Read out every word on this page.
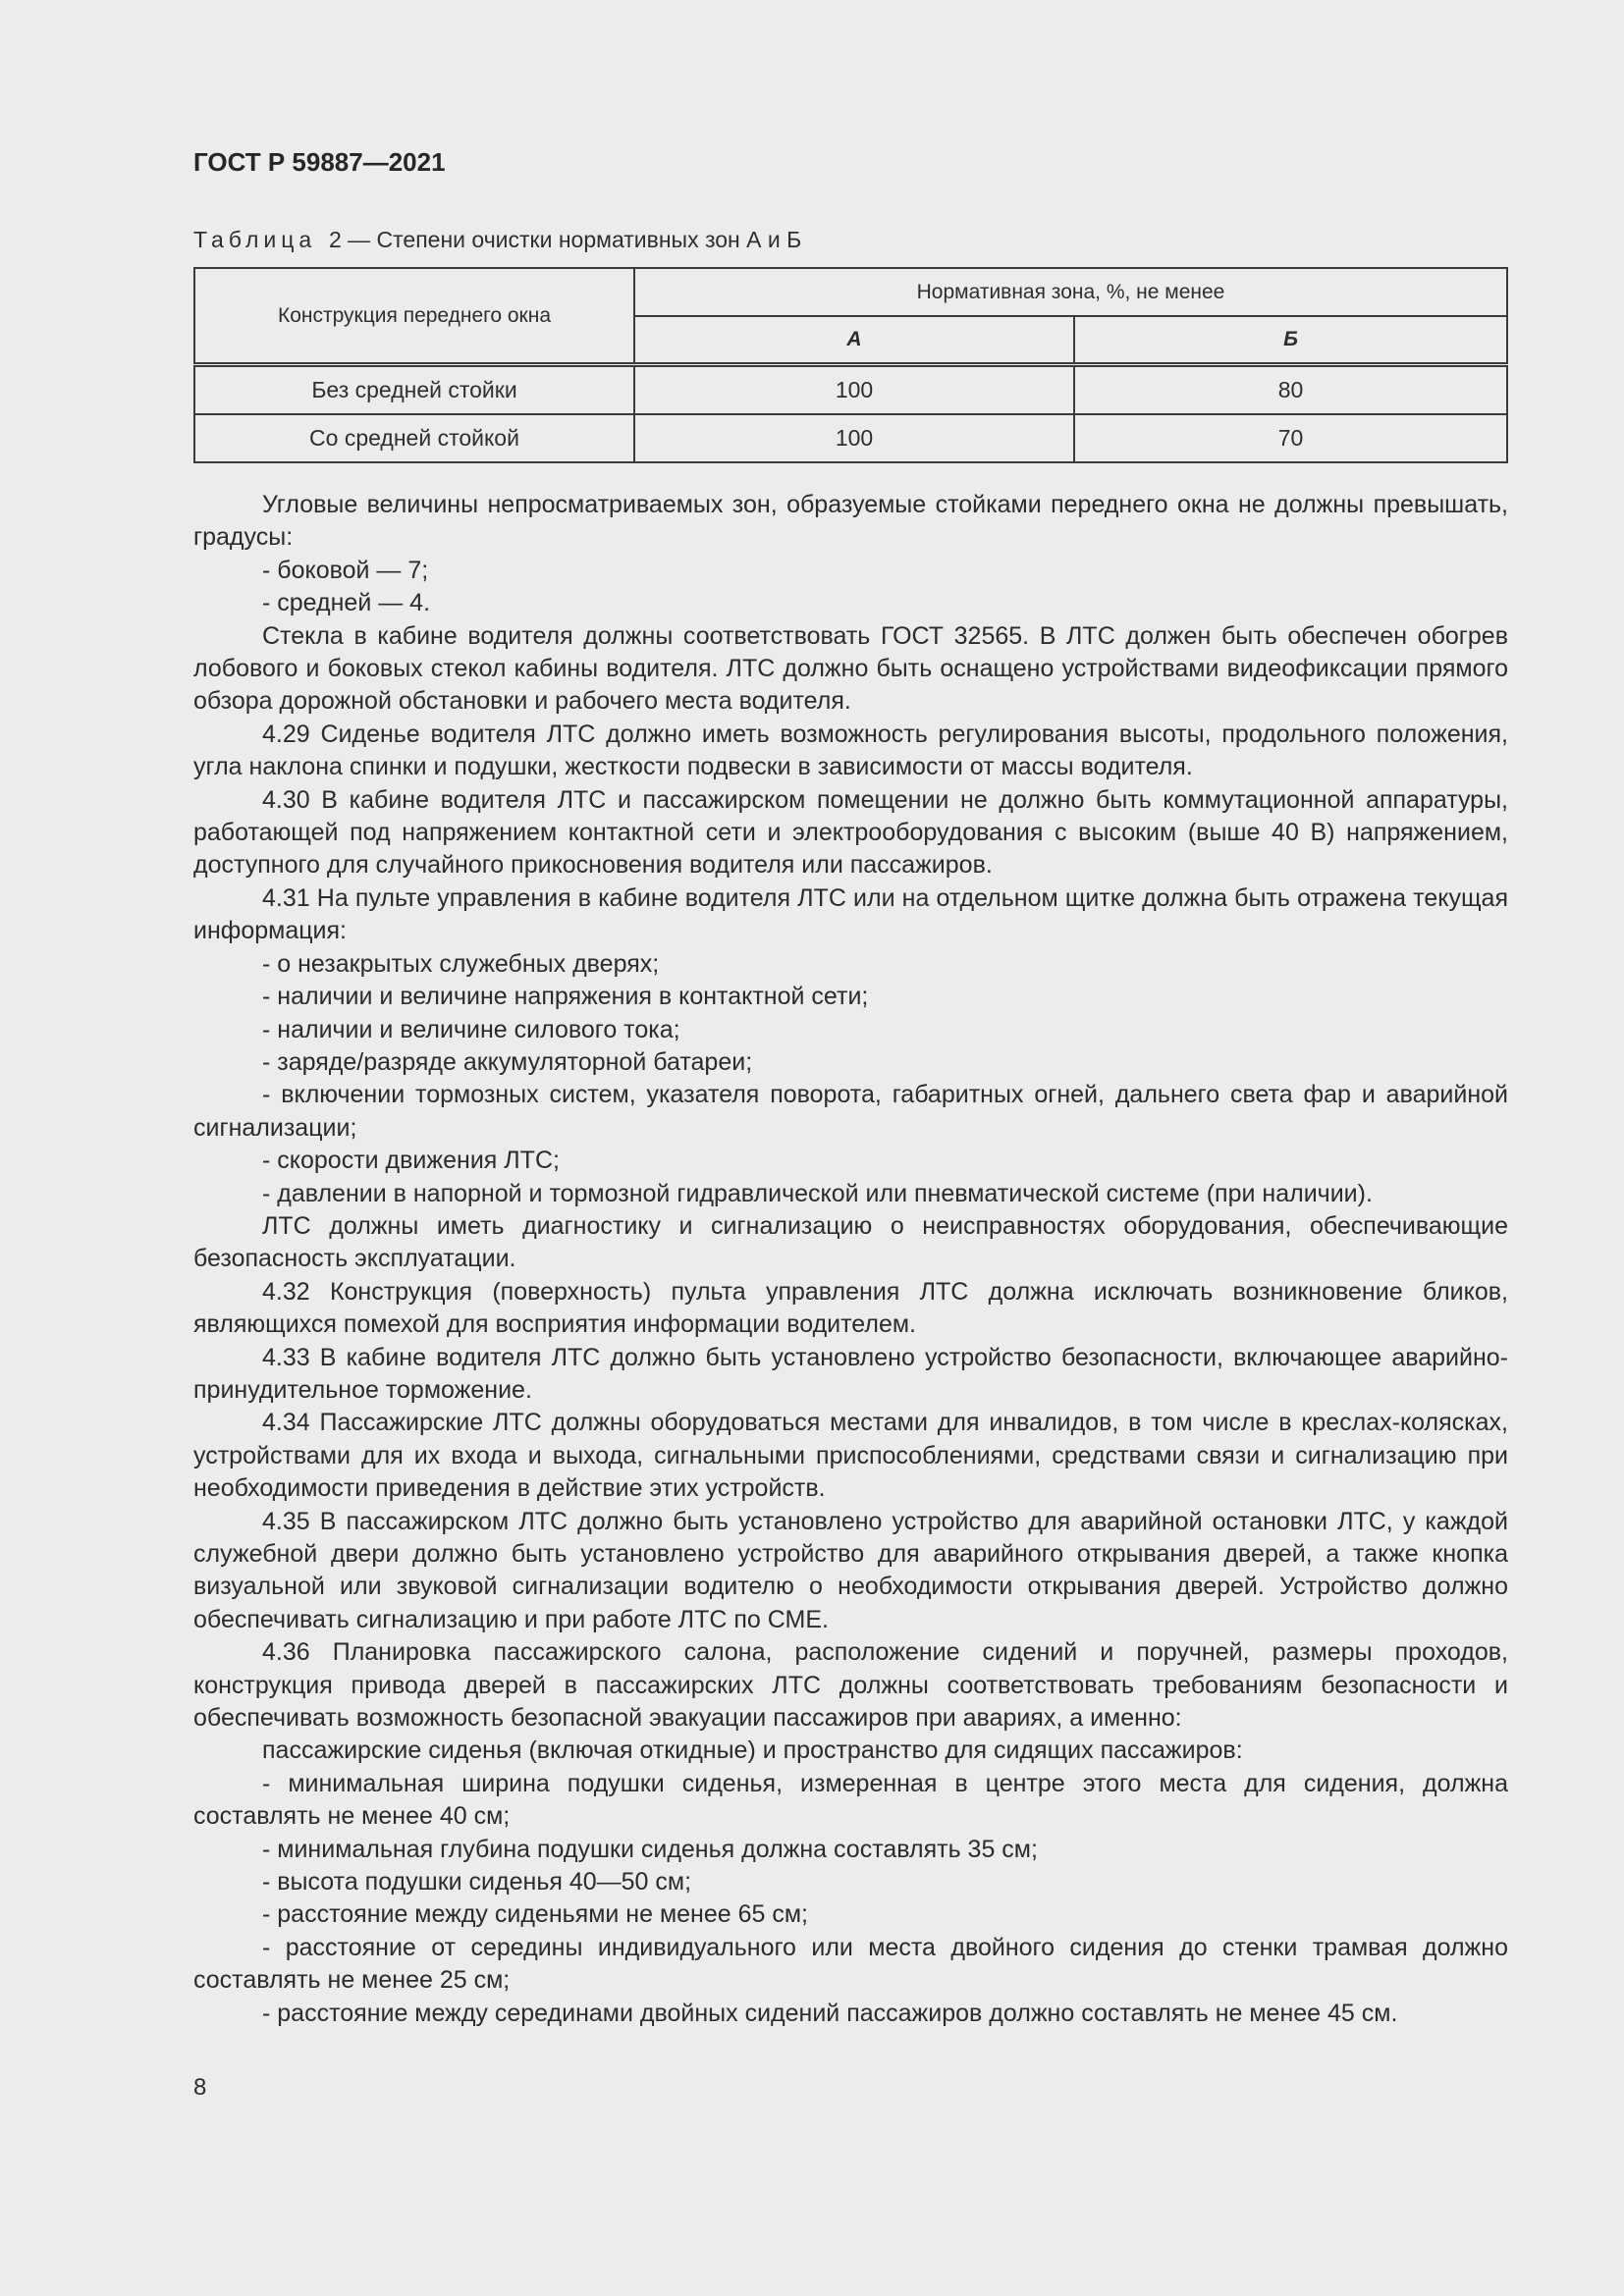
ГОСТ Р 59887—2021
Таблица 2 — Степени очистки нормативных зон А и Б
Конструкция переднего окна	Нормативная зона, %, не менее	
	А	Б
Без средней стойки	100	80
Со средней стойкой	100	70

Угловые величины непросматриваемых зон, образуемые стойками переднего окна не должны превышать, градусы:

- боковой — 7;

- средней — 4.

Стекла в кабине водителя должны соответствовать ГОСТ 32565. В ЛТС должен быть обеспечен обогрев лобового и боковых стекол кабины водителя. ЛТС должно быть оснащено устройствами видеофиксации прямого обзора дорожной обстановки и рабочего места водителя.

4.29 Сиденье водителя ЛТС должно иметь возможность регулирования высоты, продольного положения, угла наклона спинки и подушки, жесткости подвески в зависимости от массы водителя.

4.30 В кабине водителя ЛТС и пассажирском помещении не должно быть коммутационной аппаратуры, работающей под напряжением контактной сети и электрооборудования с высоким (выше 40 В) напряжением, доступного для случайного прикосновения водителя или пассажиров.

4.31 На пульте управления в кабине водителя ЛТС или на отдельном щитке должна быть отражена текущая информация:

- о незакрытых служебных дверях;

- наличии и величине напряжения в контактной сети;

- наличии и величине силового тока;

- заряде/разряде аккумуляторной батареи;

- включении тормозных систем, указателя поворота, габаритных огней, дальнего света фар и аварийной сигнализации;

- скорости движения ЛТС;

- давлении в напорной и тормозной гидравлической или пневматической системе (при наличии).

ЛТС должны иметь диагностику и сигнализацию о неисправностях оборудования, обеспечивающие безопасность эксплуатации.

4.32 Конструкция (поверхность) пульта управления ЛТС должна исключать возникновение бликов, являющихся помехой для восприятия информации водителем.

4.33 В кабине водителя ЛТС должно быть установлено устройство безопасности, включающее аварийно-принудительное торможение.

4.34 Пассажирские ЛТС должны оборудоваться местами для инвалидов, в том числе в креслах-колясках, устройствами для их входа и выхода, сигнальными приспособлениями, средствами связи и сигнализацию при необходимости приведения в действие этих устройств.

4.35 В пассажирском ЛТС должно быть установлено устройство для аварийной остановки ЛТС, у каждой служебной двери должно быть установлено устройство для аварийного открывания дверей, а также кнопка визуальной или звуковой сигнализации водителю о необходимости открывания дверей. Устройство должно обеспечивать сигнализацию и при работе ЛТС по СМЕ.

4.36 Планировка пассажирского салона, расположение сидений и поручней, размеры проходов, конструкция привода дверей в пассажирских ЛТС должны соответствовать требованиям безопасности и обеспечивать возможность безопасной эвакуации пассажиров при авариях, а именно:

пассажирские сиденья (включая откидные) и пространство для сидящих пассажиров:

- минимальная ширина подушки сиденья, измеренная в центре этого места для сидения, должна составлять не менее 40 см;

- минимальная глубина подушки сиденья должна составлять 35 см;

- высота подушки сиденья 40—50 см;

- расстояние между сиденьями не менее 65 см;

- расстояние от середины индивидуального или места двойного сидения до стенки трамвая должно составлять не менее 25 см;

- расстояние между серединами двойных сидений пассажиров должно составлять не менее 45 см.

8
